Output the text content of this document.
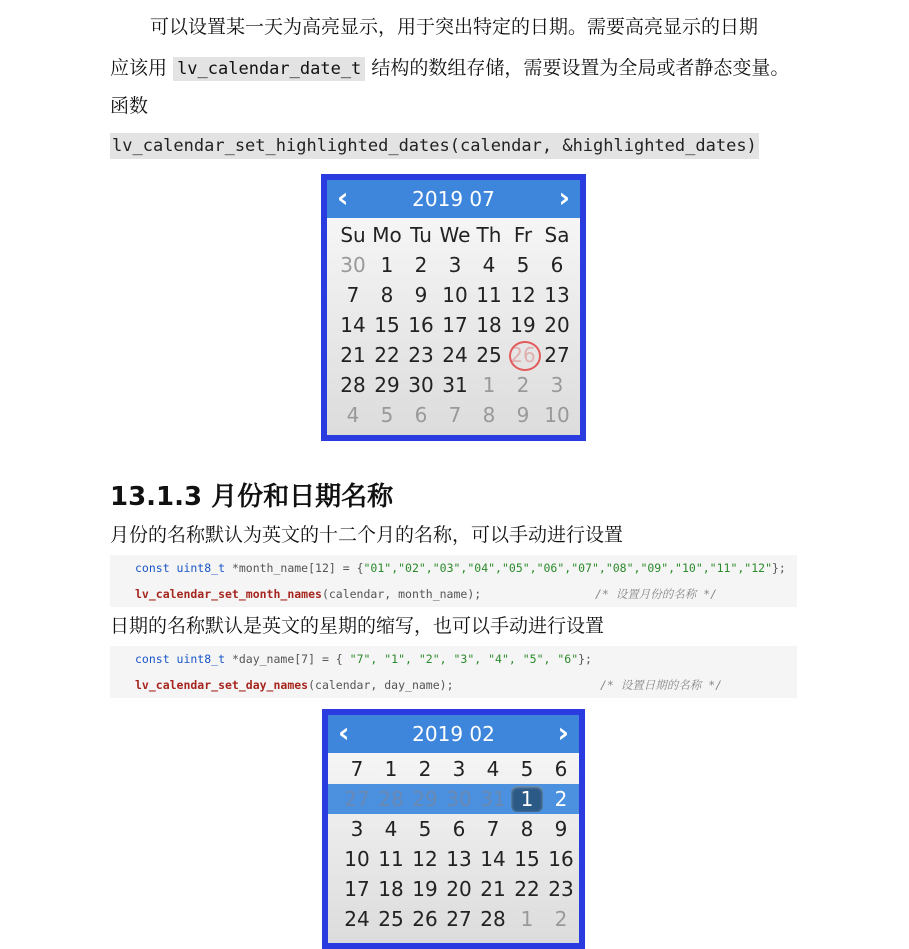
可以设置某一天为高亮显示，用于突出特定的日期。需要高亮显示的日期
应该用 lv_calendar_date_t 结构的数组存储，需要设置为全局或者静态变量。
函数
lv_calendar_set_highlighted_dates(calendar, &highlighted_dates)
‹	2019 07	›
Su Mo Tu We Th Fr Sa
30 1	2	3	4	5	6
7	8	9 10 11 12 13
14 15 16 17 18 19 20
21 22 23 24 25 26 27
28 29 30 31 1	2	3
4	5	6	7	8	9 10
13.1.3 月份和日期名称
月份的名称默认为英文的十二个月的名称，可以手动进行设置
const uint8_t *month_name[12] = {"01","02","03","04","05","06","07","08","09","10","11","12"};
lv_calendar_set_month_names(calendar, month_name);	/* 设置月份的名称 */
日期的名称默认是英文的星期的缩写，也可以手动进行设置
const uint8_t *day_name[7] = { "7", "1", "2", "3", "4", "5", "6"};
lv_calendar_set_day_names(calendar, day_name);	/* 设置日期的名称 */
‹	2019 02	›
7	1	2	3	4	5	6
27 28 29 30 31 1	2
3	4	5	6	7	8	9
10 11 12 13 14 15 16
17 18 19 20 21 22 23
24 25 26 27 28 1	2
